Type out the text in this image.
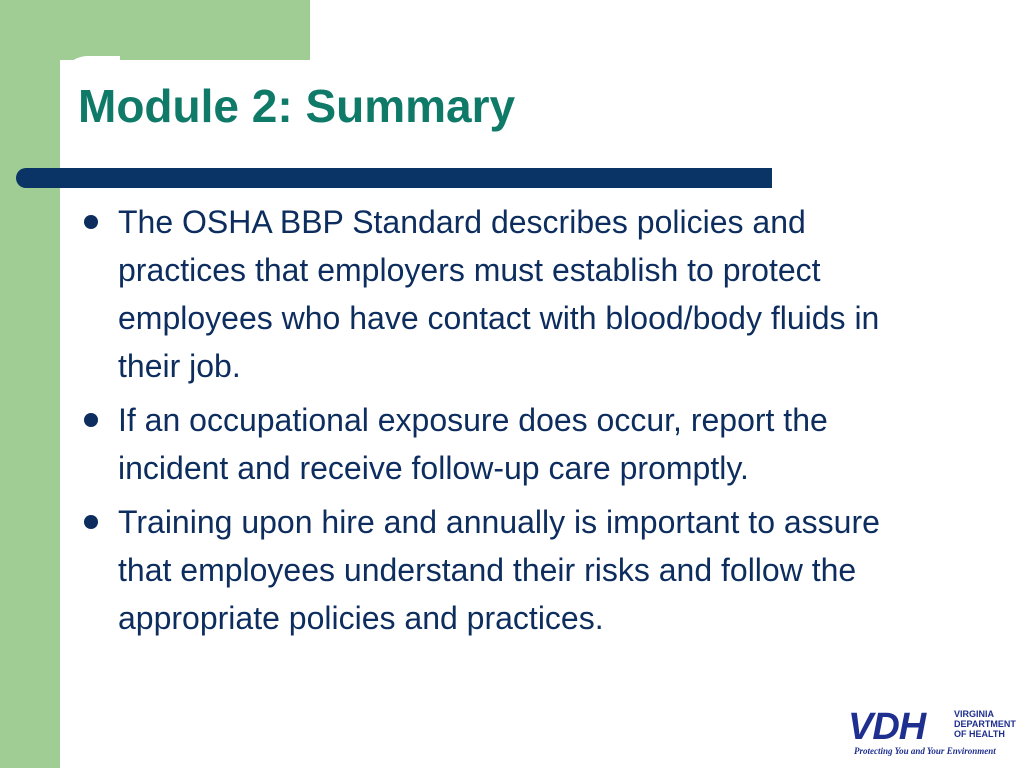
Module 2: Summary
The OSHA BBP Standard describes policies and practices that employers must establish to protect employees who have contact with blood/body fluids in their job.
If an occupational exposure does occur, report the incident and receive follow-up care promptly.
Training upon hire and annually is important to assure that employees understand their risks and follow the appropriate policies and practices.
VDH	VIRGINIA
DEPARTMENT
OF HEALTH
Protecting You and Your Environment
